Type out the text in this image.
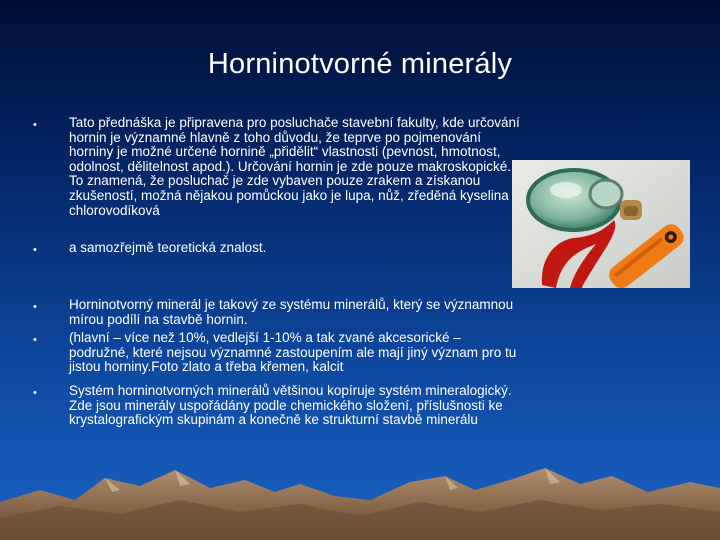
Horninotvorné minerály
• Tato přednáška je připravena pro posluchače stavební fakulty, kde určování hornin je významné hlavně z toho důvodu, že teprve po pojmenování horniny je možné určené hornině „přidělit“ vlastnosti (pevnost, hmotnost, odolnost, dělitelnost apod.). Určování hornin je zde pouze makroskopické. To znamená, že posluchač je zde vybaven pouze zrakem a získanou zkušeností, možná nějakou pomůckou jako je lupa, nůž, zředěná kyselina chlorovodíková

• a samozřejmě teoretická znalost.

• Horninotvorný minerál je takový ze systému minerálů, který se významnou mírou podílí na stavbě hornin.

• (hlavní – více než 10%, vedlejší 1-10% a tak zvané akcesorické – podružné, které nejsou významné zastoupením ale mají jiný význam pro tu jistou horniny.Foto zlato a třeba křemen, kalcit

• Systém horninotvorných minerálů většinou kopíruje systém mineralogický. Zde jsou minerály uspořádány podle chemického složení, příslušnosti ke krystalografickým skupinám a konečně ke strukturní stavbě minerálu
